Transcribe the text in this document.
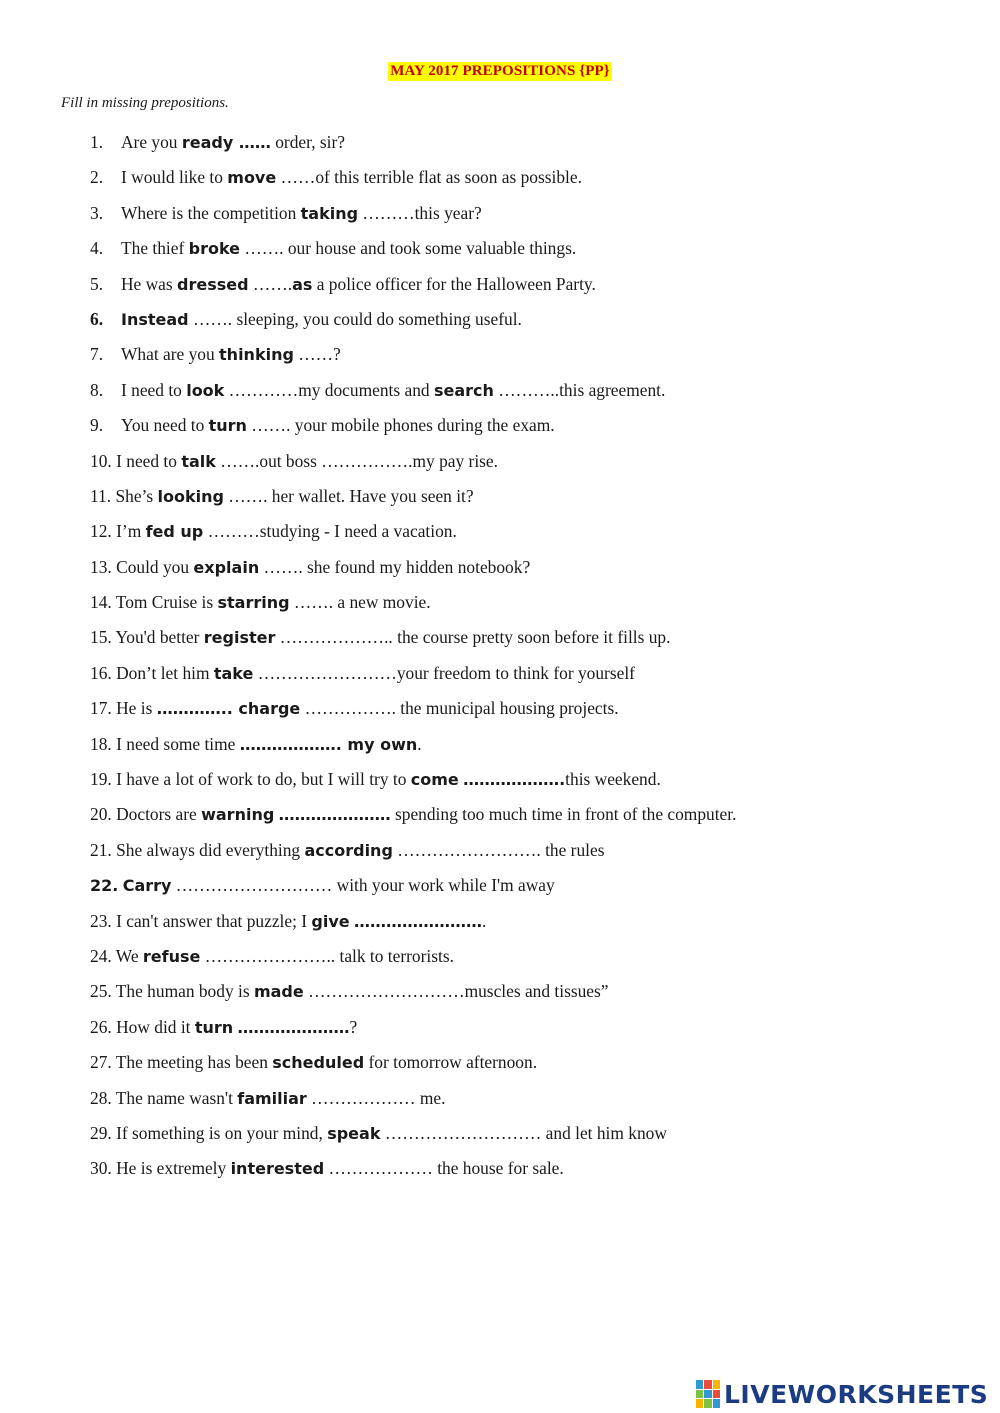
MAY 2017 PREPOSITIONS {PP}
Fill in missing prepositions.
1. Are you ready …… order, sir?
2. I would like to move ……of this terrible flat as soon as possible.
3. Where is the competition taking ………this year?
4. The thief broke ……. our house and took some valuable things.
5. He was dressed …….as a police officer for the Halloween Party.
6. Instead ……. sleeping, you could do something useful.
7. What are you thinking ……?
8. I need to look …………my documents and search ………..this agreement.
9. You need to turn ……. your mobile phones during the exam.
10. I need to talk …….out boss …………….my pay rise.
11. She’s looking ……. her wallet. Have you seen it?
12. I’m fed up ………studying - I need a vacation.
13. Could you explain ……. she found my hidden notebook?
14. Tom Cruise is starring ……. a new movie.
15. You'd better register ……………….. the course pretty soon before it fills up.
16. Don’t let him take ……………………your freedom to think for yourself
17. He is ………….. charge ……………. the municipal housing projects.
18. I need some time ………………. my own.
19. I have a lot of work to do, but I will try to come ……………….this weekend.
20. Doctors are warning ………………… spending too much time in front of the computer.
21. She always did everything according ……………………. the rules
22. Carry ……………………… with your work while I'm away
23. I can't answer that puzzle; I give …………………….
24. We refuse ………………….. talk to terrorists.
25. The human body is made ………………………muscles and tissues”
26. How did it turn …………………?
27. The meeting has been scheduled for tomorrow afternoon.
28. The name wasn't familiar ……………… me.
29. If something is on your mind, speak ……………………… and let him know
30. He is extremely interested ……………… the house for sale.
LIVEWORKSHEETS
